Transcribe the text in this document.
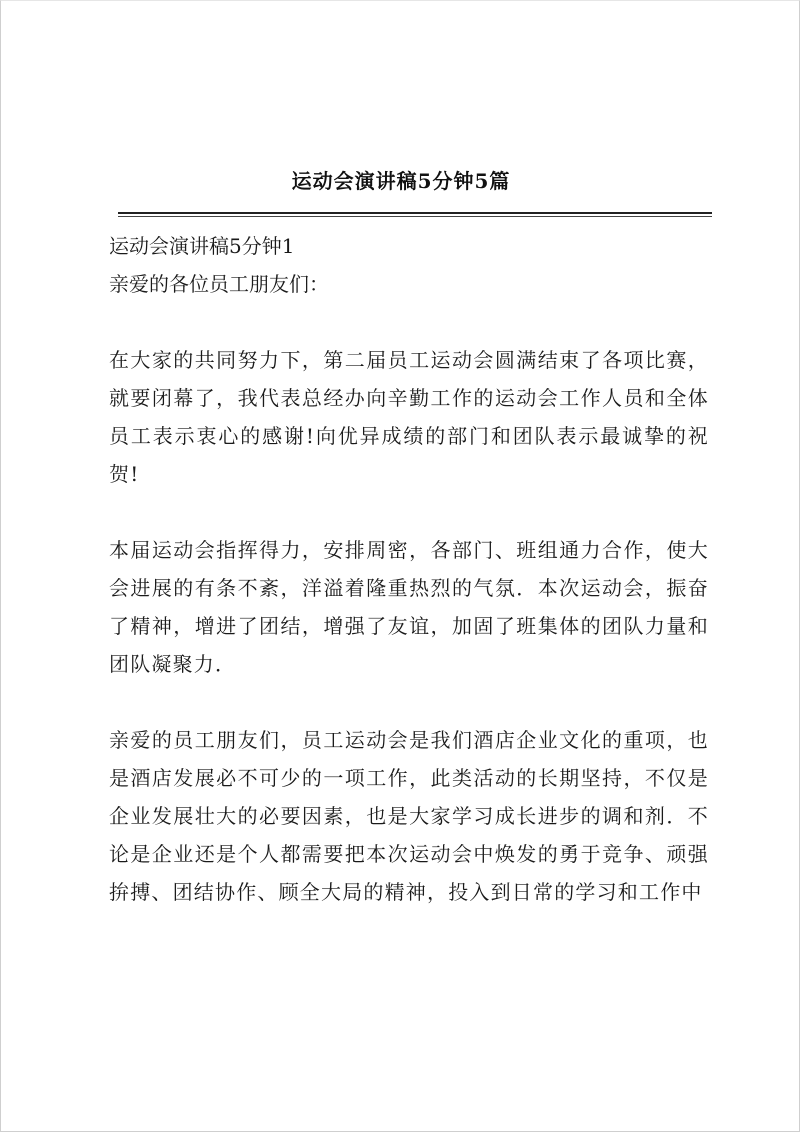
运动会演讲稿5分钟5篇

运动会演讲稿5分钟1

亲爱的各位员工朋友们：

在大家的共同努力下，第二届员工运动会圆满结束了各项比赛，就要闭幕了，我代表总经办向辛勤工作的运动会工作人员和全体员工表示衷心的感谢!向优异成绩的部门和团队表示最诚挚的祝贺!

本届运动会指挥得力，安排周密，各部门、班组通力合作，使大会进展的有条不紊，洋溢着隆重热烈的气氛．本次运动会，振奋了精神，增进了团结，增强了友谊，加固了班集体的团队力量和团队凝聚力．

亲爱的员工朋友们，员工运动会是我们酒店企业文化的重项，也是酒店发展必不可少的一项工作，此类活动的长期坚持，不仅是企业发展壮大的必要因素，也是大家学习成长进步的调和剂．不论是企业还是个人都需要把本次运动会中焕发的勇于竞争、顽强拚搏、团结协作、顾全大局的精神，投入到日常的学习和工作中
